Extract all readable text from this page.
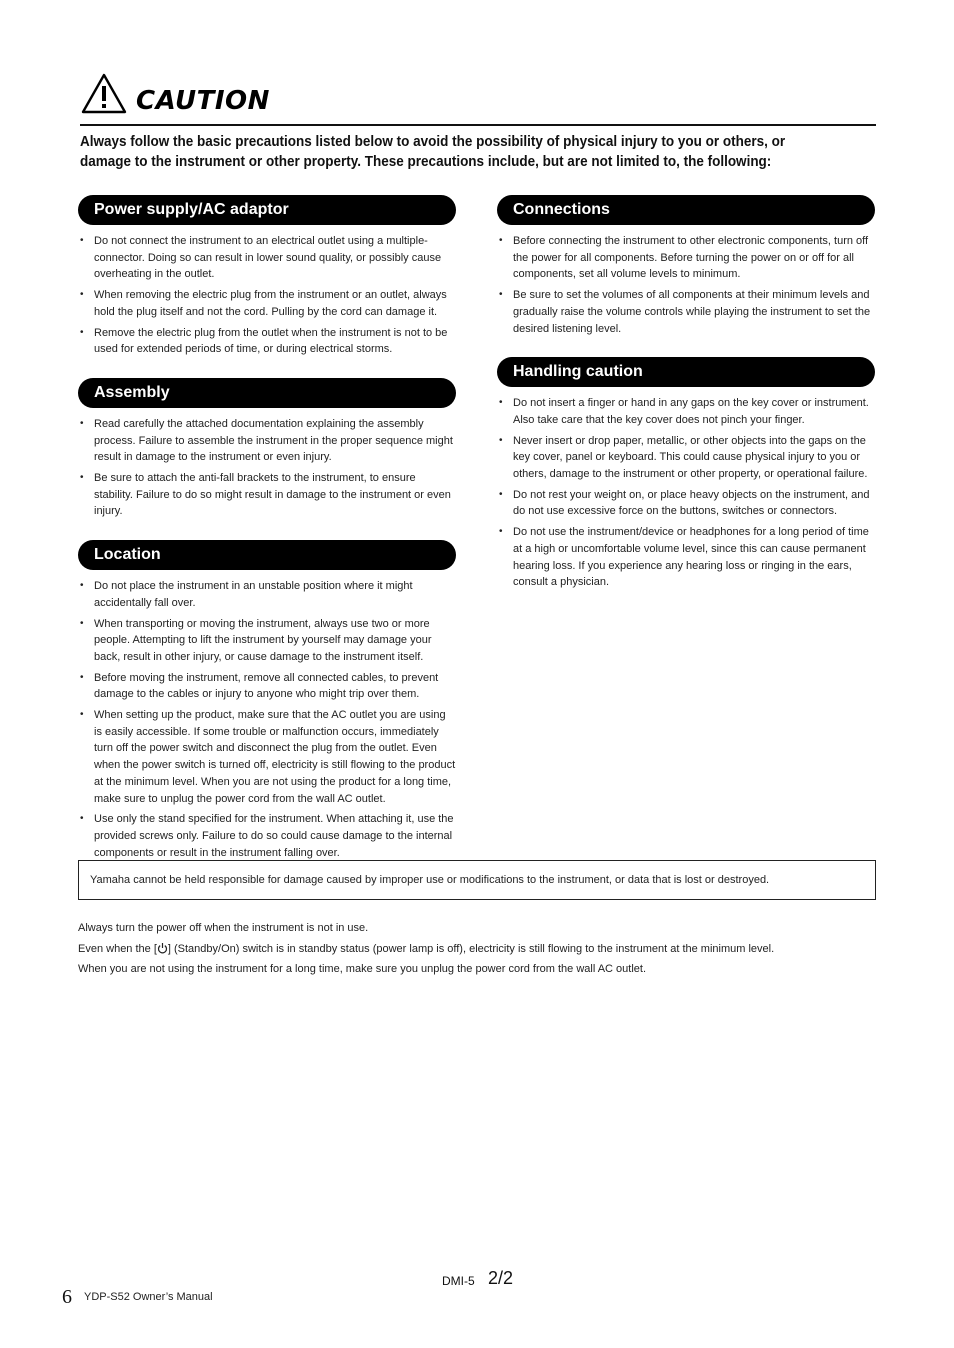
CAUTION
Always follow the basic precautions listed below to avoid the possibility of physical injury to you or others, or damage to the instrument or other property. These precautions include, but are not limited to, the following:
Power supply/AC adaptor
• Do not connect the instrument to an electrical outlet using a multiple-connector. Doing so can result in lower sound quality, or possibly cause overheating in the outlet.
• When removing the electric plug from the instrument or an outlet, always hold the plug itself and not the cord. Pulling by the cord can damage it.
• Remove the electric plug from the outlet when the instrument is not to be used for extended periods of time, or during electrical storms.
Assembly
• Read carefully the attached documentation explaining the assembly process. Failure to assemble the instrument in the proper sequence might result in damage to the instrument or even injury.
• Be sure to attach the anti-fall brackets to the instrument, to ensure stability. Failure to do so might result in damage to the instrument or even injury.
Location
• Do not place the instrument in an unstable position where it might accidentally fall over.
• When transporting or moving the instrument, always use two or more people. Attempting to lift the instrument by yourself may damage your back, result in other injury, or cause damage to the instrument itself.
• Before moving the instrument, remove all connected cables, to prevent damage to the cables or injury to anyone who might trip over them.
• When setting up the product, make sure that the AC outlet you are using is easily accessible. If some trouble or malfunction occurs, immediately turn off the power switch and disconnect the plug from the outlet. Even when the power switch is turned off, electricity is still flowing to the product at the minimum level. When you are not using the product for a long time, make sure to unplug the power cord from the wall AC outlet.
• Use only the stand specified for the instrument. When attaching it, use the provided screws only. Failure to do so could cause damage to the internal components or result in the instrument falling over.
Connections
• Before connecting the instrument to other electronic components, turn off the power for all components. Before turning the power on or off for all components, set all volume levels to minimum.
• Be sure to set the volumes of all components at their minimum levels and gradually raise the volume controls while playing the instrument to set the desired listening level.
Handling caution
• Do not insert a finger or hand in any gaps on the key cover or instrument. Also take care that the key cover does not pinch your finger.
• Never insert or drop paper, metallic, or other objects into the gaps on the key cover, panel or keyboard. This could cause physical injury to you or others, damage to the instrument or other property, or operational failure.
• Do not rest your weight on, or place heavy objects on the instrument, and do not use excessive force on the buttons, switches or connectors.
• Do not use the instrument/device or headphones for a long period of time at a high or uncomfortable volume level, since this can cause permanent hearing loss. If you experience any hearing loss or ringing in the ears, consult a physician.
Yamaha cannot be held responsible for damage caused by improper use or modifications to the instrument, or data that is lost or destroyed.

Always turn the power off when the instrument is not in use.

Even when the [ ] (Standby/On) switch is in standby status (power lamp is off), electricity is still flowing to the instrument at the minimum level.

When you are not using the instrument for a long time, make sure you unplug the power cord from the wall AC outlet.

DMI-5 2/2
6 YDP-S52 Owner’s Manual
